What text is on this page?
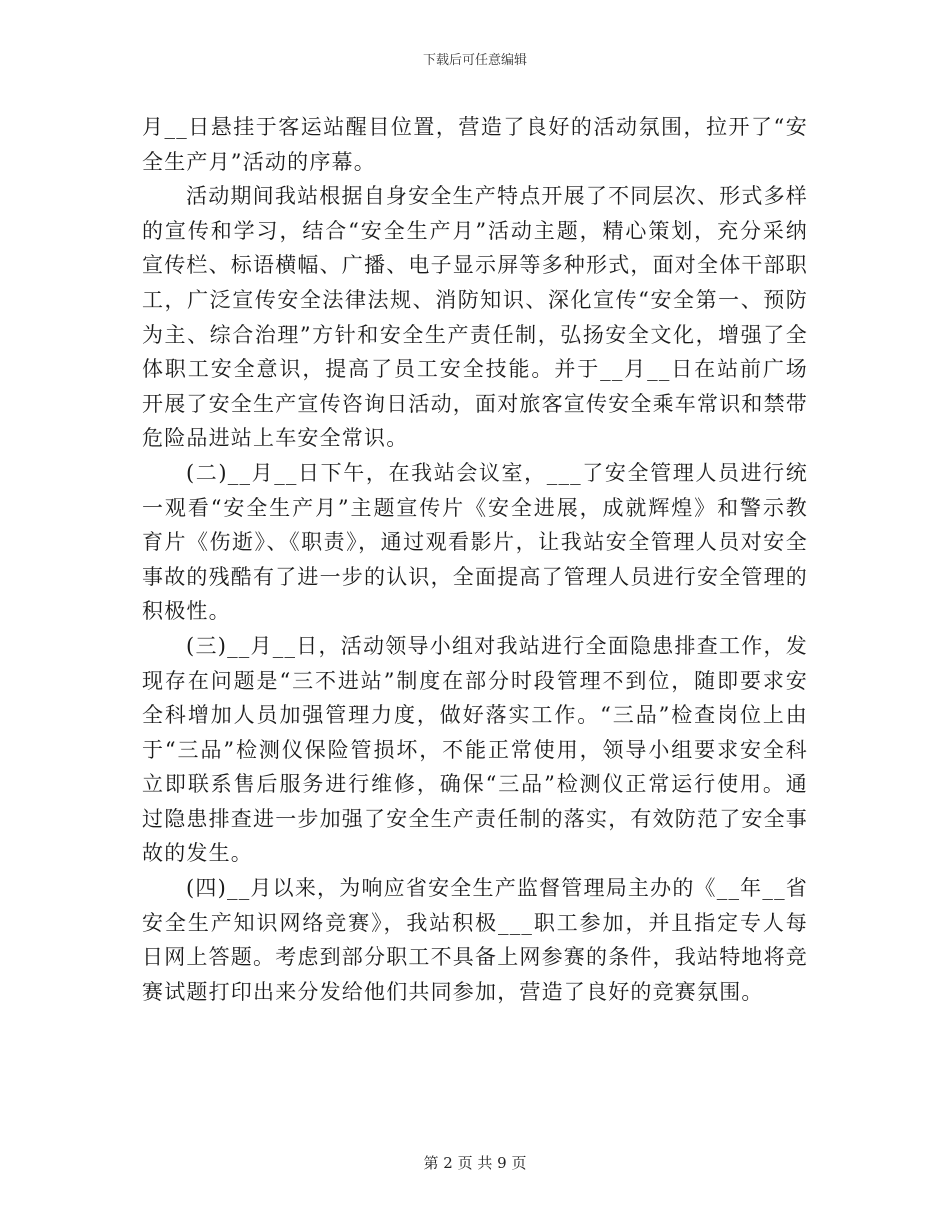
下载后可任意编辑

月__日悬挂于客运站醒目位置，营造了良好的活动氛围，拉开了“安全生产月”活动的序幕。

活动期间我站根据自身安全生产特点开展了不同层次、形式多样的宣传和学习，结合“安全生产月”活动主题，精心策划，充分采纳宣传栏、标语横幅、广播、电子显示屏等多种形式，面对全体干部职工，广泛宣传安全法律法规、消防知识、深化宣传“安全第一、预防为主、综合治理”方针和安全生产责任制，弘扬安全文化，增强了全体职工安全意识，提高了员工安全技能。并于__月__日在站前广场开展了安全生产宣传咨询日活动，面对旅客宣传安全乘车常识和禁带危险品进站上车安全常识。

(二)__月__日下午，在我站会议室，___了安全管理人员进行统一观看“安全生产月”主题宣传片《安全进展，成就辉煌》和警示教育片《伤逝》、《职责》，通过观看影片，让我站安全管理人员对安全事故的残酷有了进一步的认识，全面提高了管理人员进行安全管理的积极性。

(三)__月__日，活动领导小组对我站进行全面隐患排查工作，发现存在问题是“三不进站”制度在部分时段管理不到位，随即要求安全科增加人员加强管理力度，做好落实工作。“三品”检查岗位上由于“三品”检测仪保险管损坏，不能正常使用，领导小组要求安全科立即联系售后服务进行维修，确保“三品”检测仪正常运行使用。通过隐患排查进一步加强了安全生产责任制的落实，有效防范了安全事故的发生。

(四)__月以来，为响应省安全生产监督管理局主办的《__年__省安全生产知识网络竞赛》，我站积极___职工参加，并且指定专人每日网上答题。考虑到部分职工不具备上网参赛的条件，我站特地将竞赛试题打印出来分发给他们共同参加，营造了良好的竞赛氛围。

第 2 页 共 9 页
